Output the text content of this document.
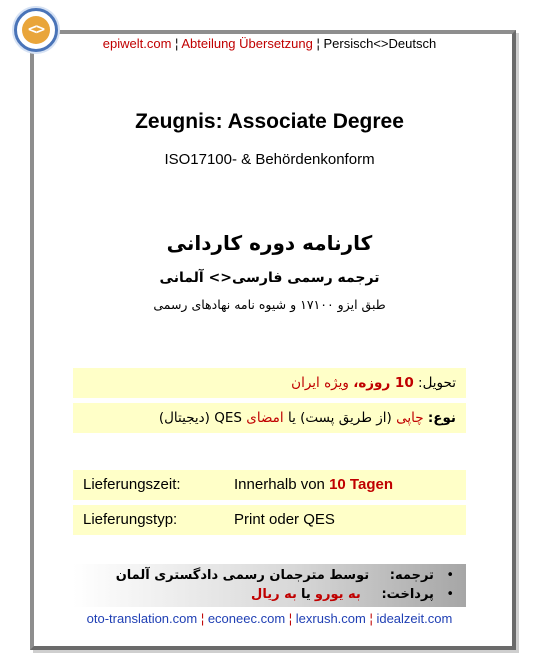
<>
epiwelt.com ¦ Abteilung Übersetzung ¦ Persisch<>Deutsch
Zeugnis: Associate Degree
ISO17100- & Behördenkonform
کارنامه دوره کاردانی
ترجمه رسمی فارسی<> آلمانی
طبق ایزو ۱۷۱۰۰ و شیوه نامه نهادهای رسمی
تحویل: 10 روزه، ویژه ایران
نوع: چاپی (از طریق پست) یا امضای QES (دیجیتال)
Lieferungszeit:	Innerhalb von 10 Tagen
Lieferungstyp:	Print oder QES
•   ترجمه:     توسط مترجمان رسمی دادگستری آلمان
•   پرداخت:     به یورو یا به ریال
oto-translation.com ¦ econeec.com ¦ lexrush.com ¦ idealzeit.com
